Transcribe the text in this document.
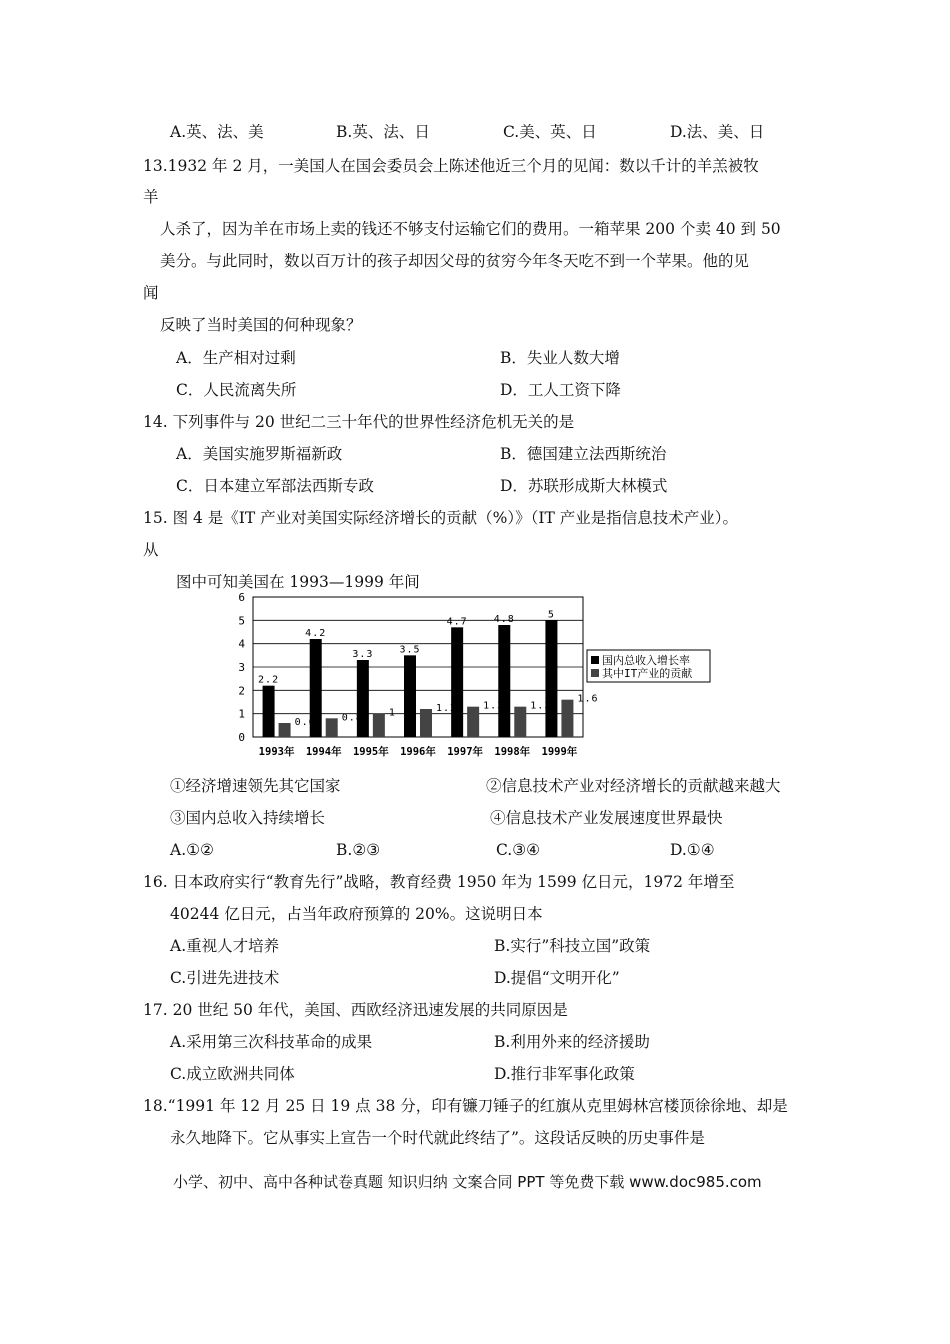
A.英、法、美	B.英、法、日	C.美、英、日	D.法、美、日
13.1932 年 2 月，一美国人在国会委员会上陈述他近三个月的见闻：数以千计的羊羔被牧
羊
人杀了，因为羊在市场上卖的钱还不够支付运输它们的费用。一箱苹果 200 个卖 40 到 50
美分。与此同时，数以百万计的孩子却因父母的贫穷今年冬天吃不到一个苹果。他的见
闻
反映了当时美国的何种现象？
A．生产相对过剩	B．失业人数大增
C．人民流离失所	D．工人工资下降
14. 下列事件与 20 世纪二三十年代的世界性经济危机无关的是
A．美国实施罗斯福新政	B．德国建立法西斯统治
C．日本建立军部法西斯专政	D．苏联形成斯大林模式
15. 图 4 是《IT 产业对美国实际经济增长的贡献（%）》（IT 产业是指信息技术产业）。
从
图中可知美国在 1993—1999 年间
0
1
2
3
4
5
6
2.2
0.6
4.2
0.8
3.3
1
3.5
1.2
4.7
1.3
4.8
1.3
5
1.6
1993年 1994年 1995年 1996年 1997年 1998年 1999年
国内总收入增长率
其中IT产业的贡献
①经济增速领先其它国家	②信息技术产业对经济增长的贡献越来越大
③国内总收入持续增长	④信息技术产业发展速度世界最快
A.①②	B.②③	C.③④	D.①④
16. 日本政府实行“教育先行”战略，教育经费 1950 年为 1599 亿日元，1972 年增至
40244 亿日元，占当年政府预算的 20%。这说明日本
A.重视人才培养	B.实行”科技立国”政策
C.引进先进技术	D.提倡“文明开化”
17. 20 世纪 50 年代，美国、西欧经济迅速发展的共同原因是
A.采用第三次科技革命的成果	B.利用外来的经济援助
C.成立欧洲共同体	D.推行非军事化政策
18.“1991 年 12 月 25 日 19 点 38 分，印有镰刀锤子的红旗从克里姆林宫楼顶徐徐地、却是
永久地降下。它从事实上宣告一个时代就此终结了”。这段话反映的历史事件是
小学、初中、高中各种试卷真题 知识归纳 文案合同 PPT 等免费下载 www.doc985.com
